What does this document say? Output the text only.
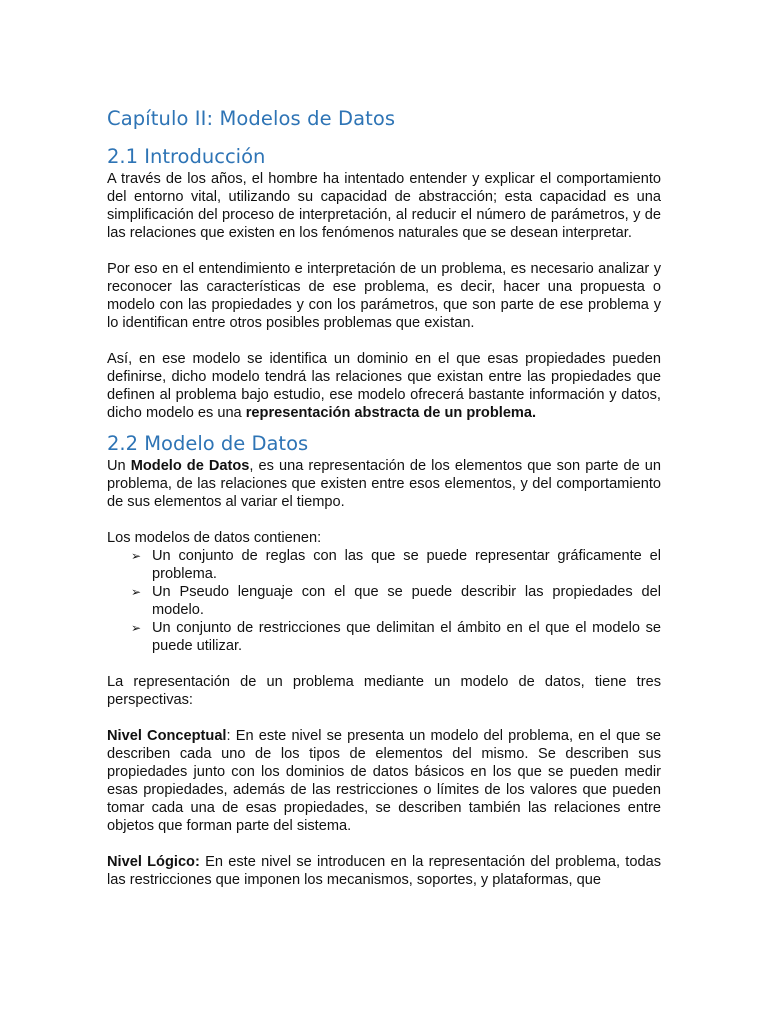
Capítulo II: Modelos de Datos
2.1 Introducción

A través de los años, el hombre ha intentado entender y explicar el comportamiento del entorno vital, utilizando su capacidad de abstracción; esta capacidad es una simplificación del proceso de interpretación, al reducir el número de parámetros, y de las relaciones que existen en los fenómenos naturales que se desean interpretar.

Por eso en el entendimiento e interpretación de un problema, es necesario analizar y reconocer las características de ese problema, es decir, hacer una propuesta o modelo con las propiedades y con los parámetros, que son parte de ese problema y lo identifican entre otros posibles problemas que existan.

Así, en ese modelo se identifica un dominio en el que esas propiedades pueden definirse, dicho modelo tendrá las relaciones que existan entre las propiedades que definen al problema bajo estudio, ese modelo ofrecerá bastante información y datos, dicho modelo es una representación abstracta de un problema.

2.2 Modelo de Datos

Un Modelo de Datos, es una representación de los elementos que son parte de un problema, de las relaciones que existen entre esos elementos, y del comportamiento de sus elementos al variar el tiempo.

Los modelos de datos contienen:

➢ Un conjunto de reglas con las que se puede representar gráficamente el problema.
➢ Un Pseudo lenguaje con el que se puede describir las propiedades del modelo.
➢ Un conjunto de restricciones que delimitan el ámbito en el que el modelo se puede utilizar.

La representación de un problema mediante un modelo de datos, tiene tres perspectivas:

Nivel Conceptual: En este nivel se presenta un modelo del problema, en el que se describen cada uno de los tipos de elementos del mismo. Se describen sus propiedades junto con los dominios de datos básicos en los que se pueden medir esas propiedades, además de las restricciones o límites de los valores que pueden tomar cada una de esas propiedades, se describen también las relaciones entre objetos que forman parte del sistema.

Nivel Lógico: En este nivel se introducen en la representación del problema, todas las restricciones que imponen los mecanismos, soportes, y plataformas, que
